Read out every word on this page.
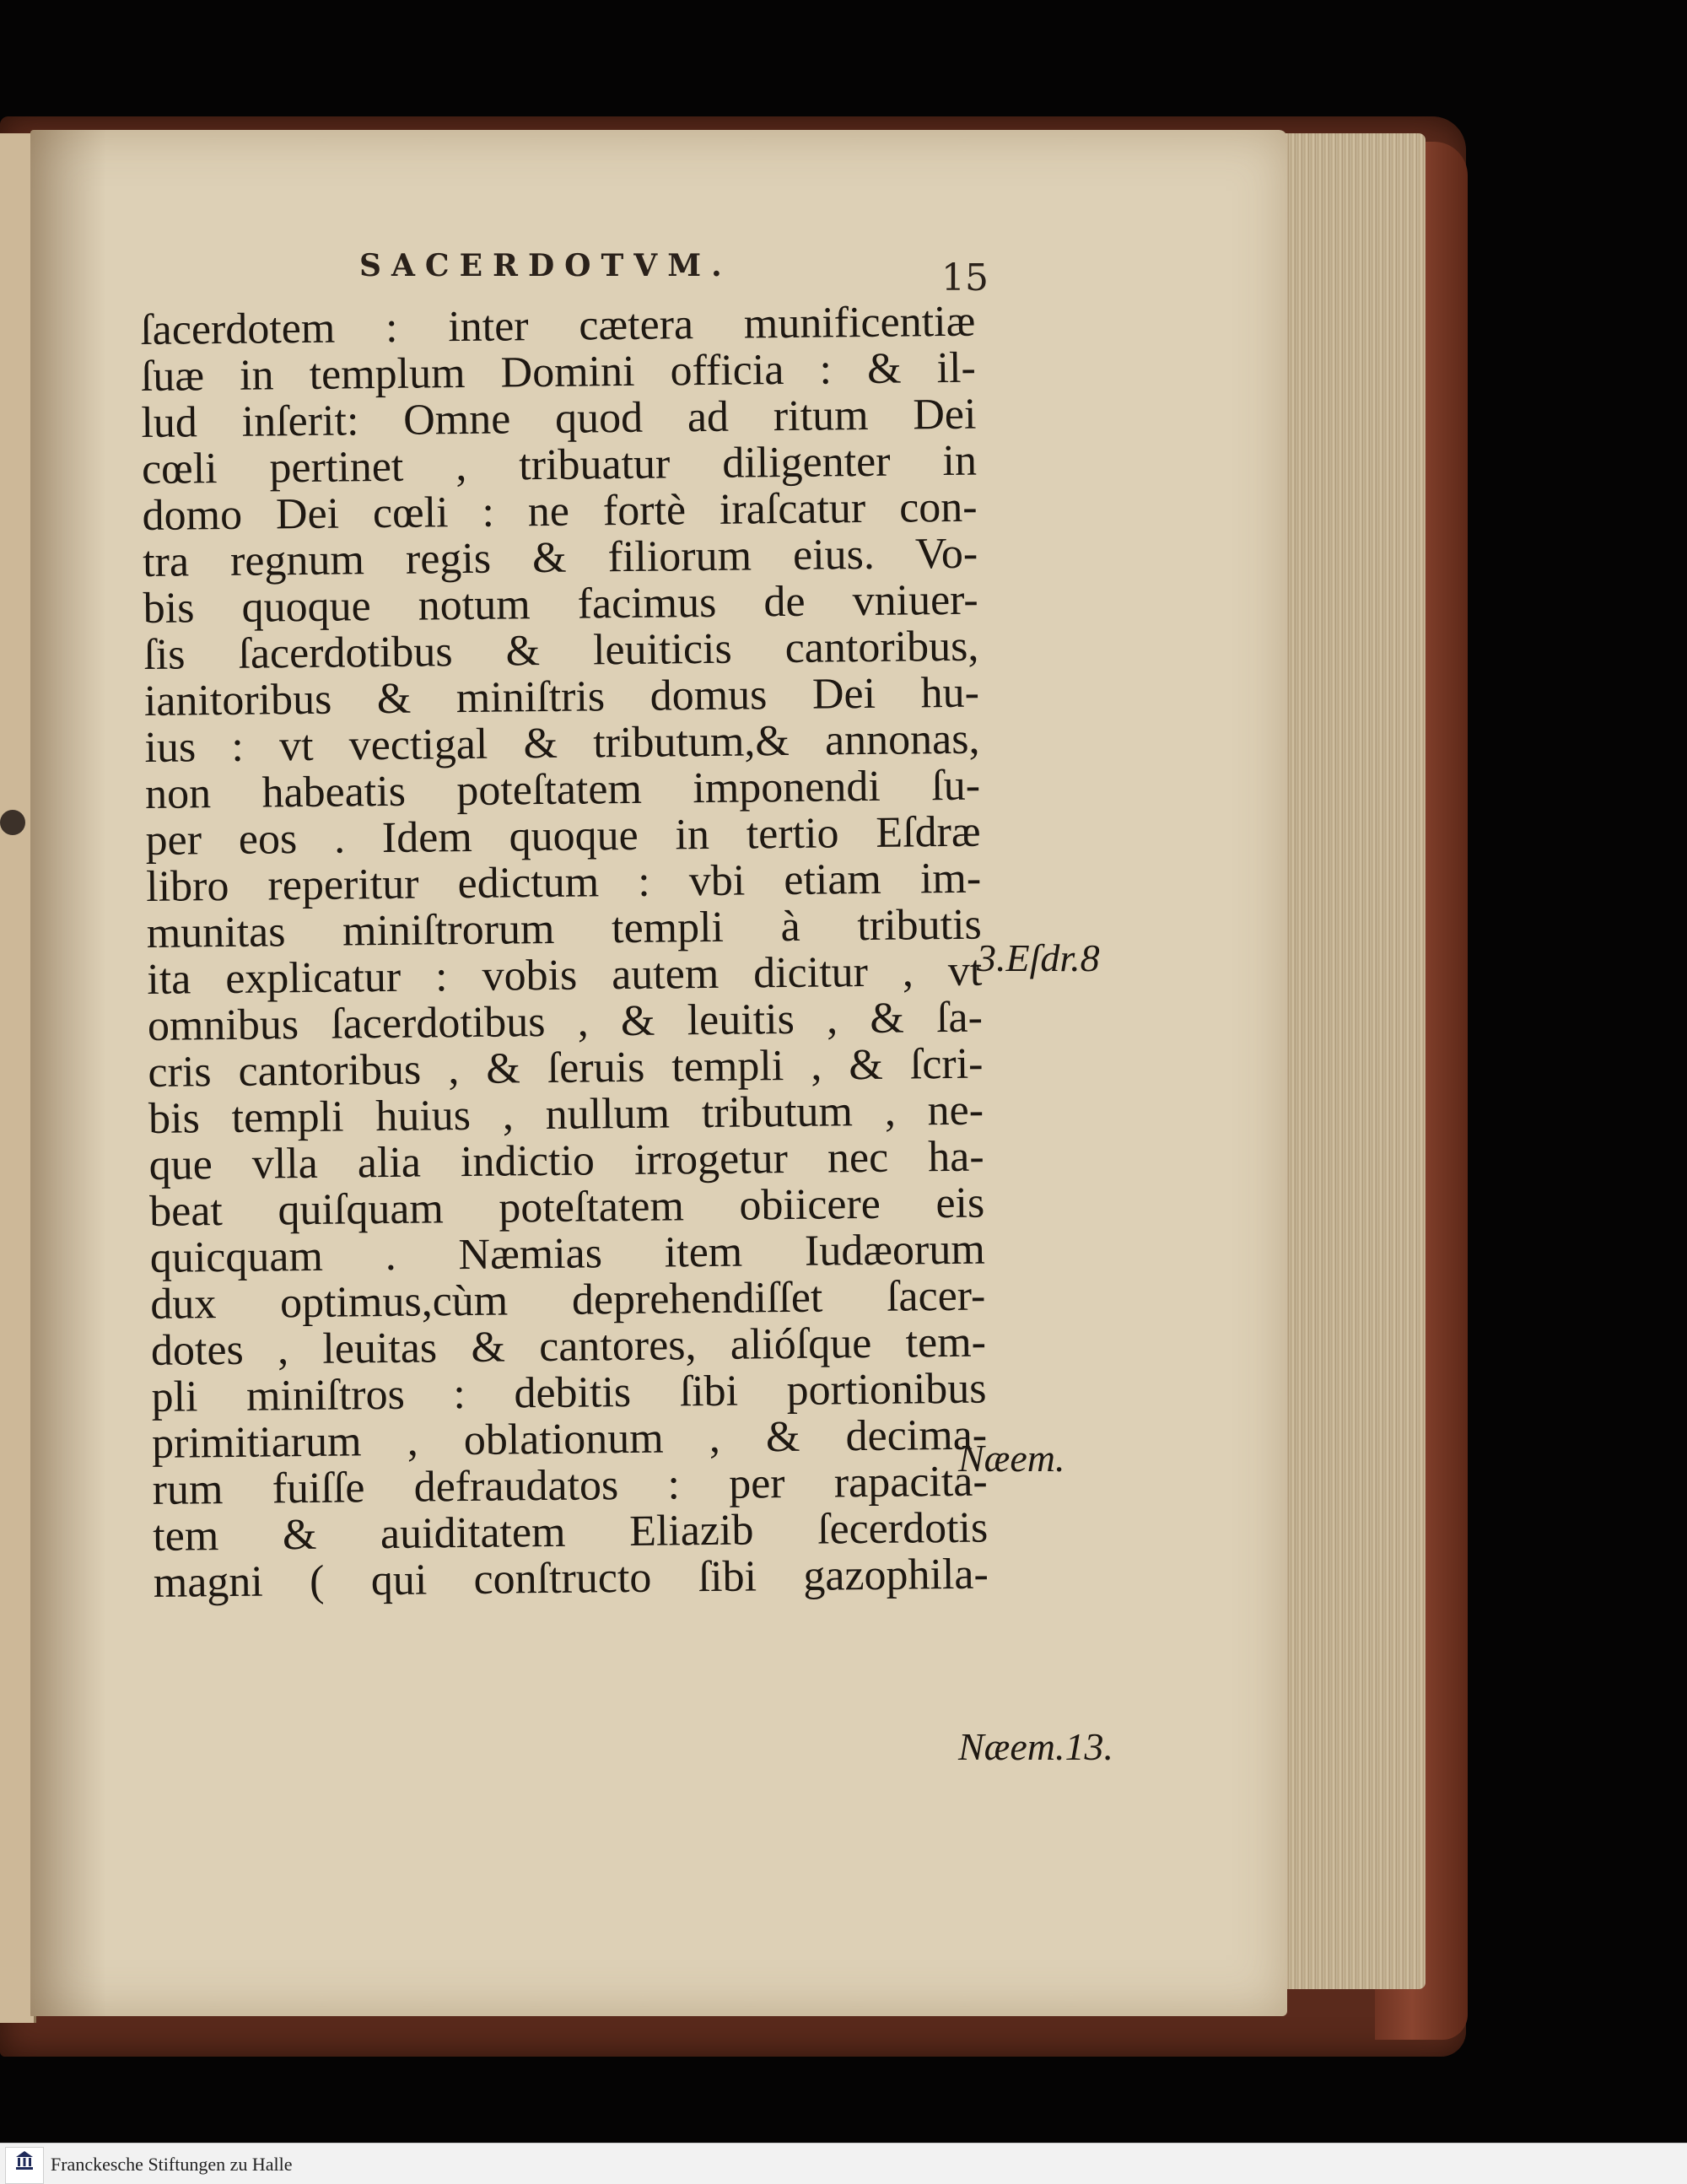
SACERDOTVM.	15

ſacerdotem : inter cætera munificentiæ
ſuæ in templum Domini officia : & il-
lud inſerit: Omne quod ad ritum Dei
cœli pertinet , tribuatur diligenter in
domo Dei cœli : ne fortè iraſcatur con-
tra regnum regis & filiorum eius. Vo-
bis quoque notum facimus de vniuer-
ſis ſacerdotibus & leuiticis cantoribus,
ianitoribus & miniſtris domus Dei hu-
ius : vt vectigal & tributum,& annonas,
non habeatis poteſtatem imponendi ſu-
per eos . Idem quoque in tertio Eſdræ
libro reperitur edictum : vbi etiam im-
munitas miniſtrorum templi à tributis
ita explicatur : vobis autem dicitur , vt
omnibus ſacerdotibus , & leuitis , & ſa-
cris cantoribus , & ſeruis templi , & ſcri-
bis templi huius , nullum tributum , ne-
que vlla alia indictio irrogetur nec ha-
beat quiſquam poteſtatem obiicere eis
quicquam . Næmias item Iudæorum
dux optimus,cùm deprehendiſſet ſacer-
dotes , leuitas & cantores, alióſque tem-
pli miniſtros : debitis ſibi portionibus
primitiarum , oblationum , & decima-
rum fuiſſe defraudatos : per rapacita-
tem & auiditatem Eliazib ſecerdotis
magni ( qui conſtructo ſibi gazophila-

3.Eſdr.8

Næem.

Næem.13.

Franckesche Stiftungen zu Halle
